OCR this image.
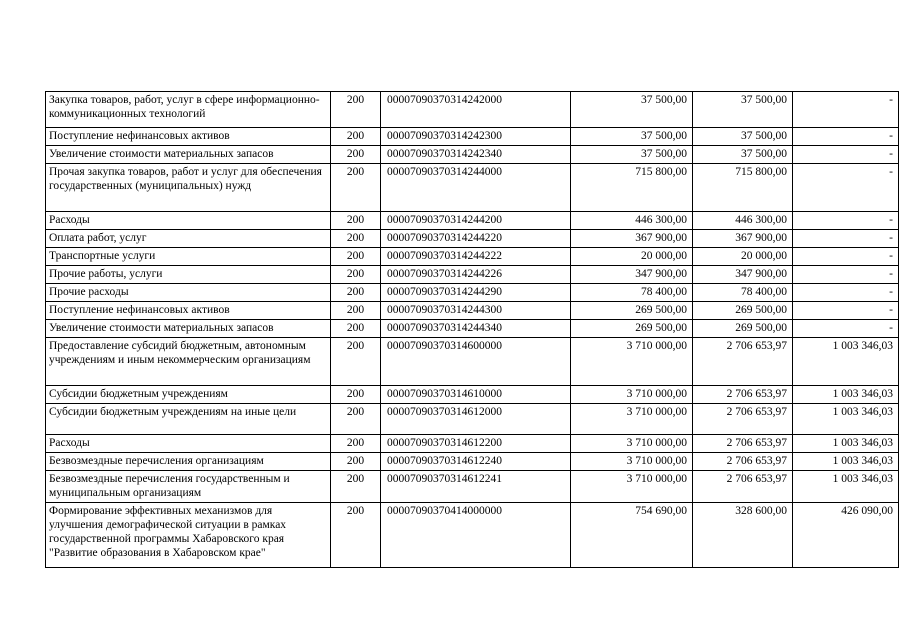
Закупка товаров, работ, услуг в сфере информационно-коммуникационных технологий	200	00007090370314242000	37 500,00	37 500,00	-
Поступление нефинансовых активов	200	00007090370314242300	37 500,00	37 500,00	-
Увеличение стоимости материальных запасов	200	00007090370314242340	37 500,00	37 500,00	-
Прочая закупка товаров, работ и услуг для обеспечения государственных (муниципальных) нужд	200	00007090370314244000	715 800,00	715 800,00	-
Расходы	200	00007090370314244200	446 300,00	446 300,00	-
Оплата работ, услуг	200	00007090370314244220	367 900,00	367 900,00	-
Транспортные услуги	200	00007090370314244222	20 000,00	20 000,00	-
Прочие работы, услуги	200	00007090370314244226	347 900,00	347 900,00	-
Прочие расходы	200	00007090370314244290	78 400,00	78 400,00	-
Поступление нефинансовых активов	200	00007090370314244300	269 500,00	269 500,00	-
Увеличение стоимости материальных запасов	200	00007090370314244340	269 500,00	269 500,00	-
Предоставление субсидий бюджетным, автономным учреждениям и иным некоммерческим организациям	200	00007090370314600000	3 710 000,00	2 706 653,97	1 003 346,03
Субсидии бюджетным учреждениям	200	00007090370314610000	3 710 000,00	2 706 653,97	1 003 346,03
Субсидии бюджетным учреждениям на иные цели	200	00007090370314612000	3 710 000,00	2 706 653,97	1 003 346,03
Расходы	200	00007090370314612200	3 710 000,00	2 706 653,97	1 003 346,03
Безвозмездные перечисления организациям	200	00007090370314612240	3 710 000,00	2 706 653,97	1 003 346,03
Безвозмездные перечисления государственным и муниципальным организациям	200	00007090370314612241	3 710 000,00	2 706 653,97	1 003 346,03
Формирование эффективных механизмов для улучшения демографической ситуации в рамках государственной программы Хабаровского края "Развитие образования в Хабаровском крае"	200	00007090370414000000	754 690,00	328 600,00	426 090,00
